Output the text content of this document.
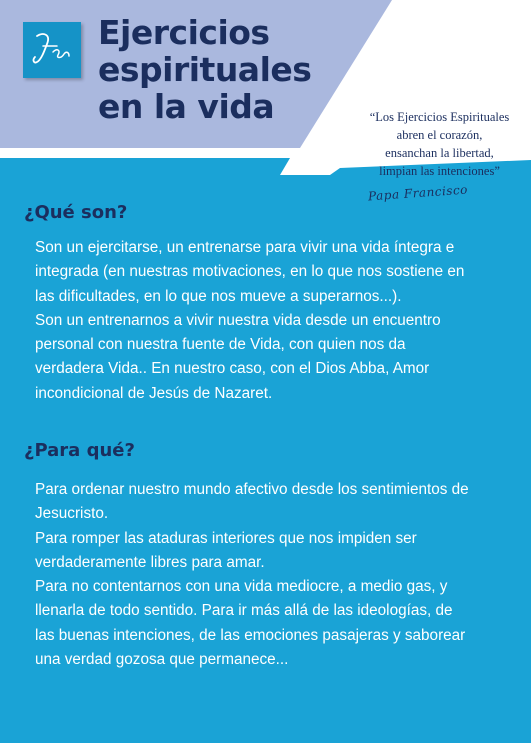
Ejercicios
espirituales
en la vida	“Los Ejercicios Espirituales
abren el corazón,
ensanchan la libertad,
limpian las intenciones”
Papa Francisco
¿Qué son?
Son un ejercitarse, un entrenarse para vivir una vida íntegra e
integrada (en nuestras motivaciones, en lo que nos sostiene en
las dificultades, en lo que nos mueve a superarnos...).
Son un entrenarnos a vivir nuestra vida desde un encuentro
personal con nuestra fuente de Vida, con quien nos da
verdadera Vida.. En nuestro caso, con el Dios Abba, Amor
incondicional de Jesús de Nazaret.
¿Para qué?
Para ordenar nuestro mundo afectivo desde los sentimientos de
Jesucristo.
Para romper las ataduras interiores que nos impiden ser
verdaderamente libres para amar.
Para no contentarnos con una vida mediocre, a medio gas, y
llenarla de todo sentido. Para ir más allá de las ideologías, de
las buenas intenciones, de las emociones pasajeras y saborear
una verdad gozosa que permanece...
